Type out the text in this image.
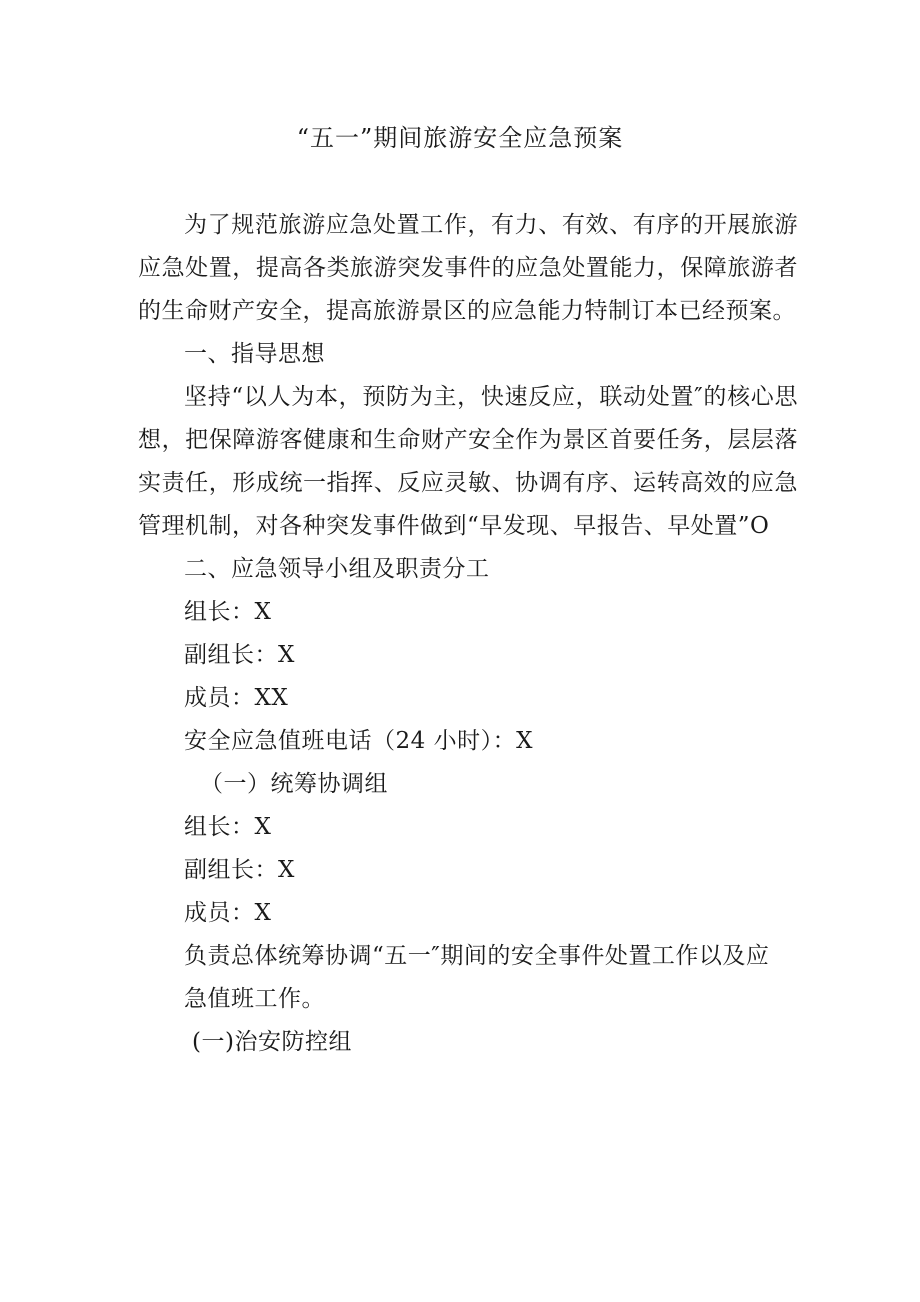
“五一”期间旅游安全应急预案

为了规范旅游应急处置工作，有力、有效、有序的开展旅游应急处置，提高各类旅游突发事件的应急处置能力，保障旅游者的生命财产安全，提高旅游景区的应急能力特制订本已经预案。

一、指导思想

坚持“以人为本，预防为主，快速反应，联动处置″的核心思想，把保障游客健康和生命财产安全作为景区首要任务，层层落实责任，形成统一指挥、反应灵敏、协调有序、运转高效的应急管理机制，对各种突发事件做到“早发现、早报告、早处置”O

二、应急领导小组及职责分工

组长：X

副组长：X

成员：XX

安全应急值班电话（24 小时）：X

（一）统筹协调组

组长：X

副组长：X

成员：X

负责总体统筹协调“五一″期间的安全事件处置工作以及应

急值班工作。

(一)治安防控组
